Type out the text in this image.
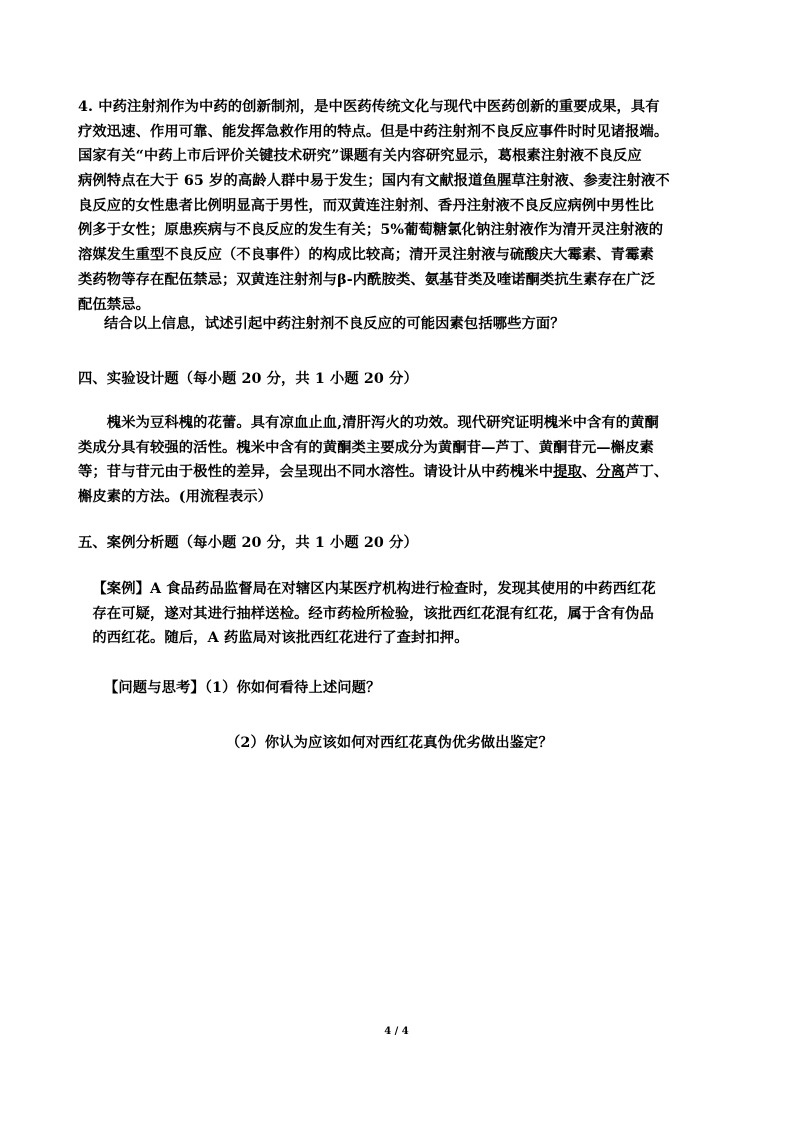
4. 中药注射剂作为中药的创新制剂，是中医药传统文化与现代中医药创新的重要成果，具有
疗效迅速、作用可靠、能发挥急救作用的特点。但是中药注射剂不良反应事件时时见诸报端。
国家有关“中药上市后评价关键技术研究”课题有关内容研究显示，葛根素注射液不良反应
病例特点在大于 65 岁的高龄人群中易于发生；国内有文献报道鱼腥草注射液、参麦注射液不
良反应的女性患者比例明显高于男性，而双黄连注射剂、香丹注射液不良反应病例中男性比
例多于女性；原患疾病与不良反应的发生有关；5%葡萄糖氯化钠注射液作为清开灵注射液的
溶媒发生重型不良反应（不良事件）的构成比较高；清开灵注射液与硫酸庆大霉素、青霉素
类药物等存在配伍禁忌；双黄连注射剂与β-内酰胺类、氨基苷类及喹诺酮类抗生素存在广泛
配伍禁忌。
结合以上信息，试述引起中药注射剂不良反应的可能因素包括哪些方面？
四、实验设计题（每小题 20 分，共 1 小题 20 分）
  槐米为豆科槐的花蕾。具有凉血止血,清肝泻火的功效。现代研究证明槐米中含有的黄酮
类成分具有较强的活性。槐米中含有的黄酮类主要成分为黄酮苷—芦丁、黄酮苷元—槲皮素
等；苷与苷元由于极性的差异，会呈现出不同水溶性。请设计从中药槐米中提取、分离芦丁、
槲皮素的方法。(用流程表示）
五、案例分析题（每小题 20 分，共 1 小题 20 分）
 【案例】A 食品药品监督局在对辖区内某医疗机构进行检查时，发现其使用的中药西红花
 存在可疑，遂对其进行抽样送检。经市药检所检验，该批西红花混有红花，属于含有伪品
 的西红花。随后，A 药监局对该批西红花进行了查封扣押。
【问题与思考】（1）你如何看待上述问题？
（2）你认为应该如何对西红花真伪优劣做出鉴定？
4 / 4
